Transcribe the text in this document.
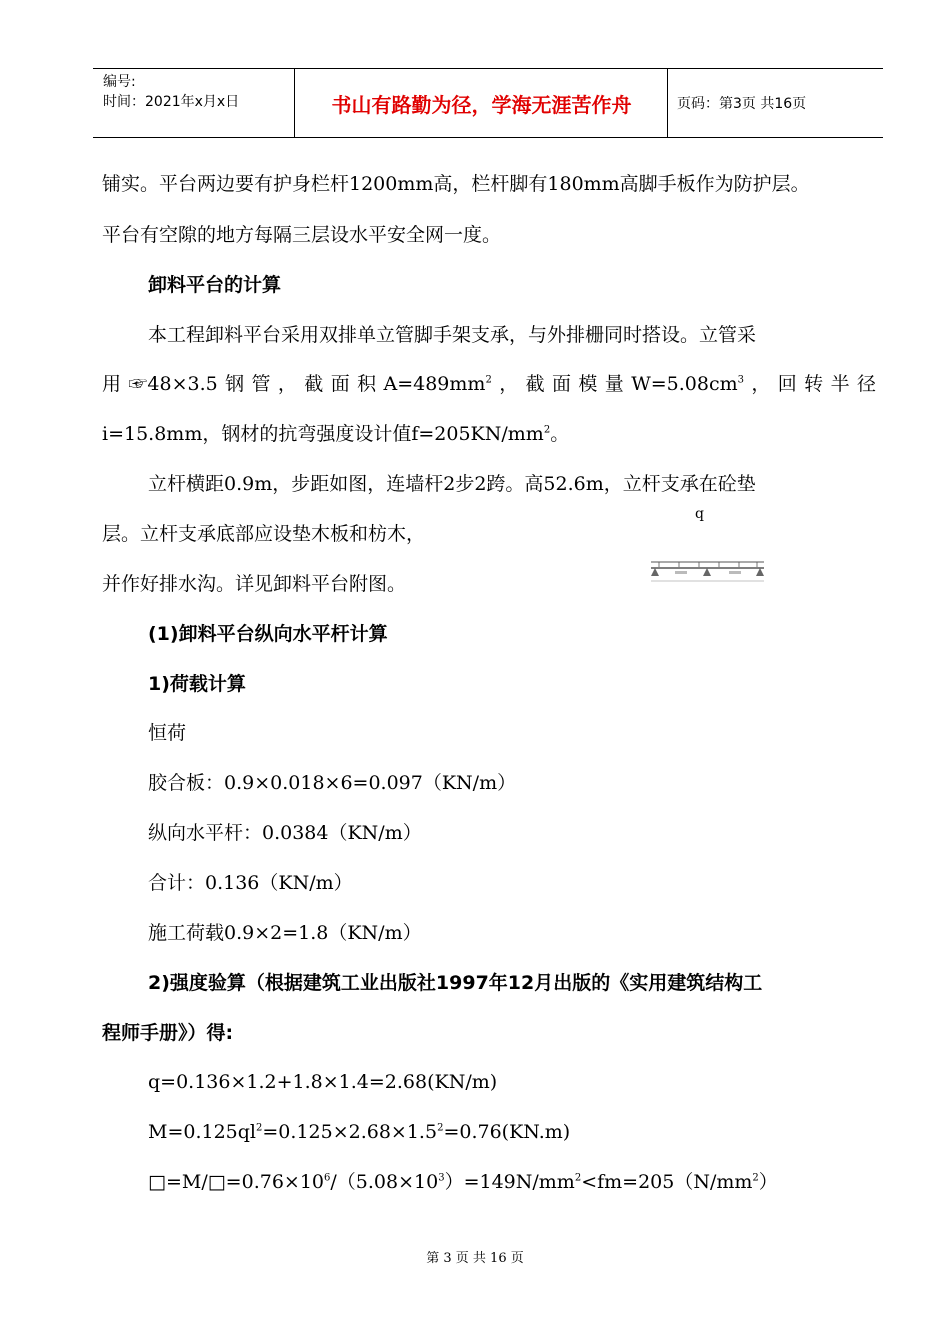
编号:
时间：2021年x月x日	书山有路勤为径，学海无涯苦作舟	页码：第3页 共16页
铺实。平台两边要有护身栏杆1200mm高，栏杆脚有180mm高脚手板作为防护层。
平台有空隙的地方每隔三层设水平安全网一度。
卸料平台的计算
本工程卸料平台采用双排单立管脚手架支承，与外排栅同时搭设。立管采
用☞48×3.5钢管，截面积$A=489mm^2$，截面模量$W=5.08cm^3$，回转半径
i=15.8mm，钢材的抗弯强度设计值$f=205KN/mm^2$。
立杆横距0.9m，步距如图，连墙杆2步2跨。高52.6m，立杆支承在砼垫
层。立杆支承底部应设垫木板和枋木，
并作好排水沟。详见卸料平台附图。
q
(1)卸料平台纵向水平杆计算
1)荷载计算
恒荷
胶合板：0.9×0.018×6=0.097（KN/m）
纵向水平杆：0.0384（KN/m）
合计：0.136（KN/m）
施工荷载0.9×2=1.8（KN/m）
2)强度验算（根据建筑工业出版社1997年12月出版的《实用建筑结构工
程师手册》）得:
q=0.136×1.2+1.8×1.4=2.68(KN/m)
$M=0.125ql^2=0.125\times 2.68\times 1.5^2=0.76(KN.m)$
$□=M/□=0.76\times 10^6/(5.08\times 10^3)=149N/mm^2<fm=205(N/mm^2)$
第 3 页 共 16 页
